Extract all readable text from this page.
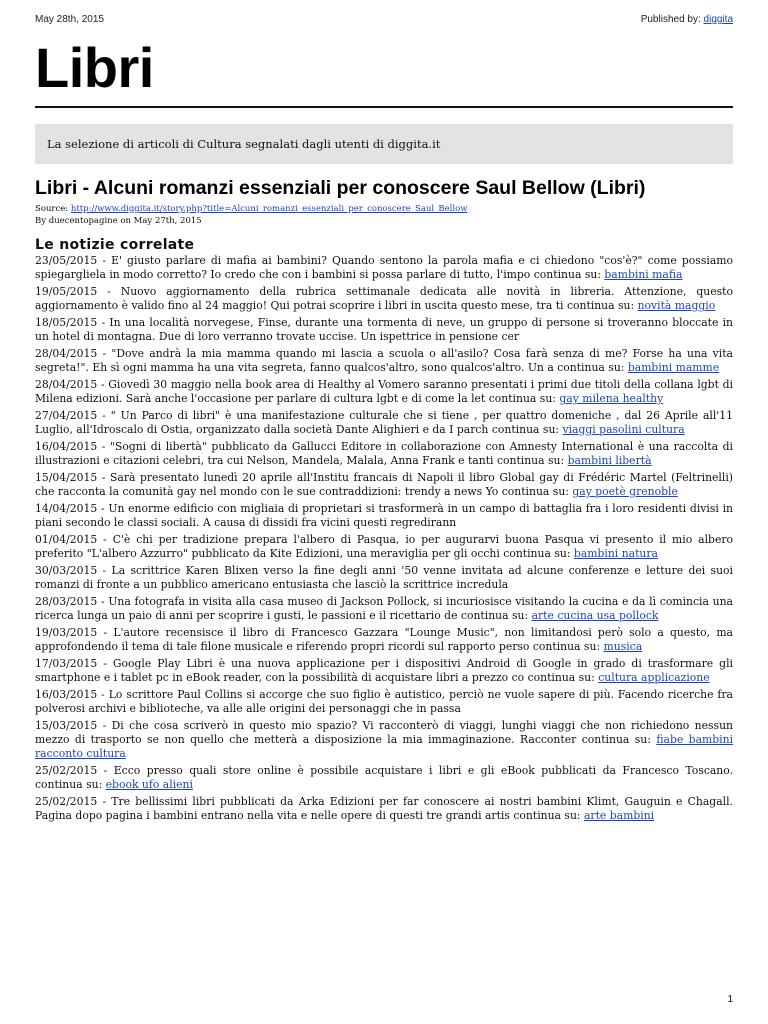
May 28th, 2015	Published by: diggita
Libri
La selezione di articoli di Cultura segnalati dagli utenti di diggita.it
Libri - Alcuni romanzi essenziali per conoscere Saul Bellow (Libri)
Source: http://www.diggita.it/story.php?title=Alcuni_romanzi_essenziali_per_conoscere_Saul_Bellow
By duecentopagine on May 27th, 2015
Le notizie correlate
23/05/2015 - E' giusto parlare di mafia ai bambini? Quando sentono la parola mafia e ci chiedono "cos'è?" come possiamo spiegargliela in modo corretto? Io credo che con i bambini si possa parlare di tutto, l'impo continua su: bambini mafia
19/05/2015 - Nuovo aggiornamento della rubrica settimanale dedicata alle novità in libreria. Attenzione, questo aggiornamento è valido fino al 24 maggio! Qui potrai scoprire i libri in uscita questo mese, tra ti continua su: novità maggio
18/05/2015 - In una località norvegese, Finse, durante una tormenta di neve, un gruppo di persone si troveranno bloccate in un hotel di montagna. Due di loro verranno trovate uccise. Un ispettrice in pensione cer
28/04/2015 - "Dove andrà la mia mamma quando mi lascia a scuola o all'asilo? Cosa farà senza di me? Forse ha una vita segreta!". Eh sì ogni mamma ha una vita segreta, fanno qualcos'altro, sono qualcos'altro. Un a continua su: bambini mamme
28/04/2015 - Giovedì 30 maggio nella book area di Healthy al Vomero saranno presentati i primi due titoli della collana lgbt di Milena edizioni. Sarà anche l'occasione per parlare di cultura lgbt e di come la let continua su: gay milena healthy
27/04/2015 - " Un Parco di libri" è una manifestazione culturale che si tiene , per quattro domeniche , dal 26 Aprile all'11 Luglio, all'Idroscalo di Ostia, organizzato dalla società Dante Alighieri e da I parch continua su: viaggi pasolini cultura
16/04/2015 - "Sogni di libertà" pubblicato da Gallucci Editore in collaborazione con Amnesty International è una raccolta di illustrazioni e citazioni celebri, tra cui Nelson, Mandela, Malala, Anna Frank e tanti continua su: bambini libertà
15/04/2015 - Sarà presentato lunedì 20 aprile all'Institu francais di Napoli il libro Global gay di Frédéric Martel (Feltrinelli) che racconta la comunità gay nel mondo con le sue contraddizioni: trendy a news Yo continua su: gay poetè grenoble
14/04/2015 - Un enorme edificio con migliaia di proprietari si trasformerà in un campo di battaglia fra i loro residenti divisi in piani secondo le classi sociali. A causa di dissidi fra vicini questi regredirann
01/04/2015 - C'è chi per tradizione prepara l'albero di Pasqua, io per augurarvi buona Pasqua vi presento il mio albero preferito "L'albero Azzurro" pubblicato da Kite Edizioni, una meraviglia per gli occhi continua su: bambini natura
30/03/2015 - La scrittrice Karen Blixen verso la fine degli anni '50 venne invitata ad alcune conferenze e letture dei suoi romanzi di fronte a un pubblico americano entusiasta che lasciò la scrittrice incredula
28/03/2015 - Una fotografa in visita alla casa museo di Jackson Pollock, si incuriosisce visitando la cucina e da lì comincia una ricerca lunga un paio di anni per scoprire i gusti, le passioni e il ricettario de continua su: arte cucina usa pollock
19/03/2015 - L'autore recensisce il libro di Francesco Gazzara "Lounge Music", non limitandosi però solo a questo, ma approfondendo il tema di tale filone musicale e riferendo propri ricordi sul rapporto perso continua su: musica
17/03/2015 - Google Play Libri è una nuova applicazione per i dispositivi Android di Google in grado di trasformare gli smartphone e i tablet pc in eBook reader, con la possibilità di acquistare libri a prezzo co continua su: cultura applicazione
16/03/2015 - Lo scrittore Paul Collins si accorge che suo figlio è autistico, perciò ne vuole sapere di più. Facendo ricerche fra polverosi archivi e biblioteche, va alle alle origini dei personaggi che in passa
15/03/2015 - Di che cosa scriverò in questo mio spazio? Vi racconterò di viaggi, lunghi viaggi che non richiedono nessun mezzo di trasporto se non quello che metterà a disposizione la mia immaginazione. Racconter continua su: fiabe bambini racconto cultura
25/02/2015 - Ecco presso quali store online è possibile acquistare i libri e gli eBook pubblicati da Francesco Toscano. continua su: ebook ufo alieni
25/02/2015 - Tre bellissimi libri pubblicati da Arka Edizioni per far conoscere ai nostri bambini Klimt, Gauguin e Chagall. Pagina dopo pagina i bambini entrano nella vita e nelle opere di questi tre grandi artis continua su: arte bambini
1
